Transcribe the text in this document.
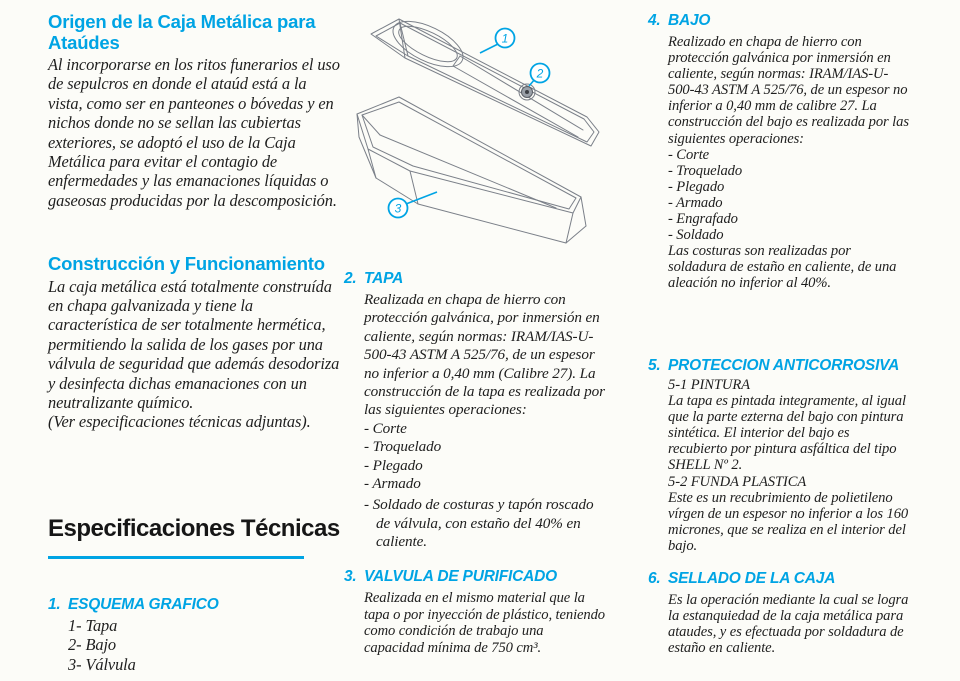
Origen de la Caja Metálica para Ataúdes

Al incorporarse en los ritos funerarios el uso de sepulcros en donde el ataúd está a la vista, como ser en panteones o bóvedas y en nichos donde no se sellan las cubiertas exteriores, se adoptó el uso de la Caja Metálica para evitar el contagio de enfermedades y las emanaciones líquidas o gaseosas producidas por la descomposición.

Construcción y Funcionamiento

La caja metálica está totalmente construída en chapa galvanizada y tiene la característica de ser totalmente hermética, permitiendo la salida de los gases por una válvula de seguridad que además desodoriza y desinfecta dichas emanaciones con un neutralizante químico.

(Ver especificaciones técnicas adjuntas).

Especificaciones Técnicas
1. ESQUEMA GRAFICO
1- Tapa
2- Bajo
3- Válvula
1
2
3
2. TAPA

Realizada en chapa de hierro con protección galvánica, por inmersión en caliente, según normas: IRAM/IAS-U-500-43 ASTM A 525/76, de un espesor no inferior a 0,40 mm (Calibre 27). La construcción de la tapa es realizada por las siguientes operaciones:

- Corte
- Troquelado
- Plegado
- Armado
- Soldado de costuras y tapón roscado de válvula, con estaño del 40% en caliente.
3. VALVULA DE PURIFICADO

Realizada en el mismo material que la tapa o por inyección de plástico, teniendo como condición de trabajo una capacidad mínima de 750 cm³.

4. BAJO

Realizado en chapa de hierro con protección galvánica por inmersión en caliente, según normas: IRAM/IAS-U-500-43 ASTM A 525/76, de un espesor no inferior a 0,40 mm de calibre 27. La construcción del bajo es realizada por las siguientes operaciones:

- Corte
- Troquelado
- Plegado
- Armado
- Engrafado
- Soldado

Las costuras son realizadas por soldadura de estaño en caliente, de una aleación no inferior al 40%.

5. PROTECCION ANTICORROSIVA
5-1 PINTURA
La tapa es pintada integramente, al igual que la parte ezterna del bajo con pintura sintética. El interior del bajo es recubierto por pintura asfáltica del tipo SHELL Nº 2.
5-2 FUNDA PLASTICA
Este es un recubrimiento de polietileno vírgen de un espesor no inferior a los 160 micrones, que se realiza en el interior del bajo.
6. SELLADO DE LA CAJA

Es la operación mediante la cual se logra la estanquiedad de la caja metálica para ataudes, y es efectuada por soldadura de estaño en caliente.
